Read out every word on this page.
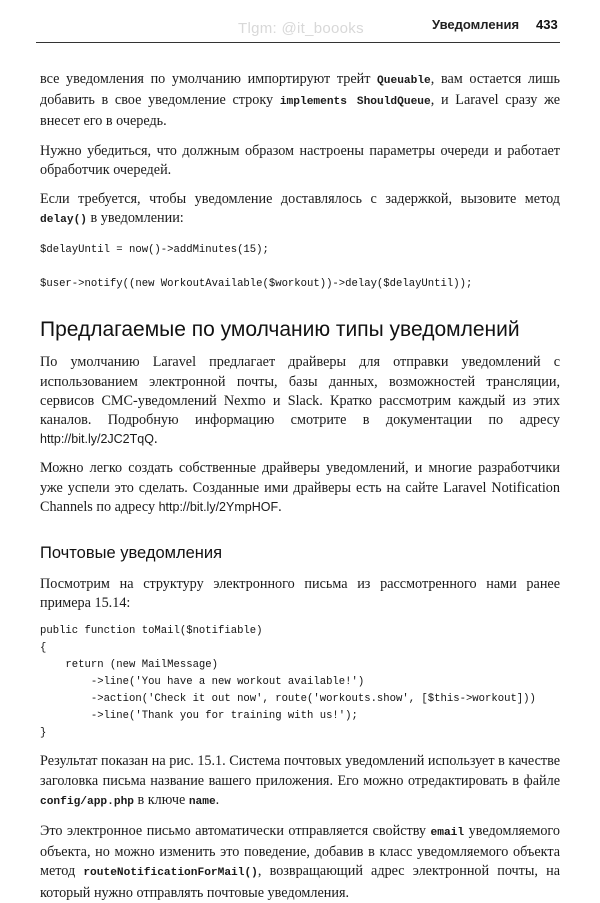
Tlgm: @it_boooks	Уведомления 433

все уведомления по умолчанию импортируют трейт Queuable, вам остается лишь добавить в свое уведомление строку implements ShouldQueue, и Laravel сразу же внесет его в очередь.

Нужно убедиться, что должным образом настроены параметры очереди и работает обработчик очередей.

Если требуется, чтобы уведомление доставлялось с задержкой, вызовите метод delay() в уведомлении:

$delayUntil = now()->addMinutes(15);

$user->notify((new WorkoutAvailable($workout))->delay($delayUntil));
Предлагаемые по умолчанию типы уведомлений

По умолчанию Laravel предлагает драйверы для отправки уведомлений с использованием электронной почты, базы данных, возможностей трансляции, сервисов СМС-уведомлений Nexmo и Slack. Кратко рассмотрим каждый из этих каналов. Подробную информацию смотрите в документации по адресу http://bit.ly/2JC2TqQ.

Можно легко создать собственные драйверы уведомлений, и многие разработчики уже успели это сделать. Созданные ими драйверы есть на сайте Laravel Notification Channels по адресу http://bit.ly/2YmpHOF.

Почтовые уведомления

Посмотрим на структуру электронного письма из рассмотренного нами ранее примера 15.14:

public function toMail($notifiable)
{
return (new MailMessage)
->line('You have a new workout available!')
->action('Check it out now', route('workouts.show', [$this->workout]))
->line('Thank you for training with us!');
}

Результат показан на рис. 15.1. Система почтовых уведомлений использует в качестве заголовка письма название вашего приложения. Его можно отредактировать в файле config/app.php в ключе name.

Это электронное письмо автоматически отправляется свойству email уведомляемого объекта, но можно изменить это поведение, добавив в класс уведомляемого объекта метод routeNotificationForMail(), возвращающий адрес электронной почты, на который нужно отправлять почтовые уведомления.
